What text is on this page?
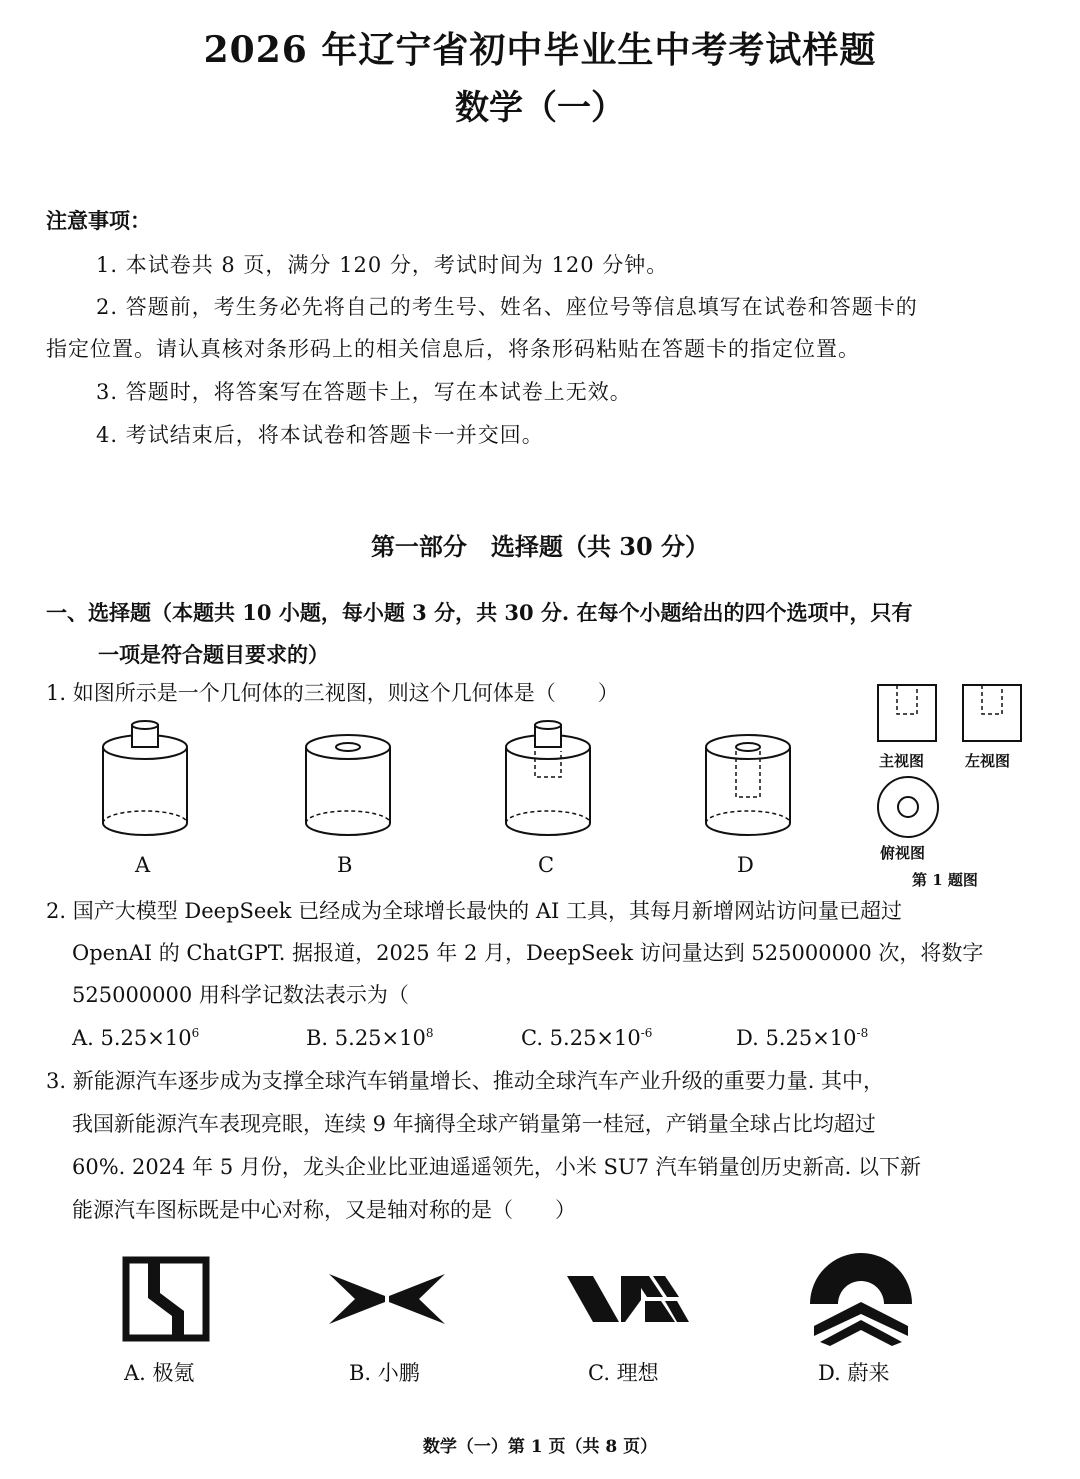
2026 年辽宁省初中毕业生中考考试样题
数学（一）
注意事项：
1. 本试卷共 8 页，满分 120 分，考试时间为 120 分钟。
2. 答题前，考生务必先将自己的考生号、姓名、座位号等信息填写在试卷和答题卡的
指定位置。请认真核对条形码上的相关信息后，将条形码粘贴在答题卡的指定位置。
3. 答题时，将答案写在答题卡上，写在本试卷上无效。
4. 考试结束后，将本试卷和答题卡一并交回。
第一部分　选择题（共 30 分）
一、选择题（本题共 10 小题，每小题 3 分，共 30 分. 在每个小题给出的四个选项中，只有
一项是符合题目要求的）
1. 如图所示是一个几何体的三视图，则这个几何体是（　　）
A	B	C	D
主视图	左视图
俯视图
第 1 题图
2. 国产大模型 DeepSeek 已经成为全球增长最快的 AI 工具，其每月新增网站访问量已超过
OpenAI 的 ChatGPT. 据报道，2025 年 2 月，DeepSeek 访问量达到 525000000 次，将数字
525000000 用科学记数法表示为（
A. $5.25\times 10^6$	B. $5.25\times 10^8$	C. $5.25\times 10^{-6}$	D. $5.25\times 10^{-8}$
3. 新能源汽车逐步成为支撑全球汽车销量增长、推动全球汽车产业升级的重要力量. 其中，
我国新能源汽车表现亮眼，连续 9 年摘得全球产销量第一桂冠，产销量全球占比均超过
60%. 2024 年 5 月份，龙头企业比亚迪遥遥领先，小米 SU7 汽车销量创历史新高. 以下新
能源汽车图标既是中心对称，又是轴对称的是（　　）
A. 极氪	B. 小鹏	C. 理想	D. 蔚来
数学（一）第 1 页（共 8 页）
